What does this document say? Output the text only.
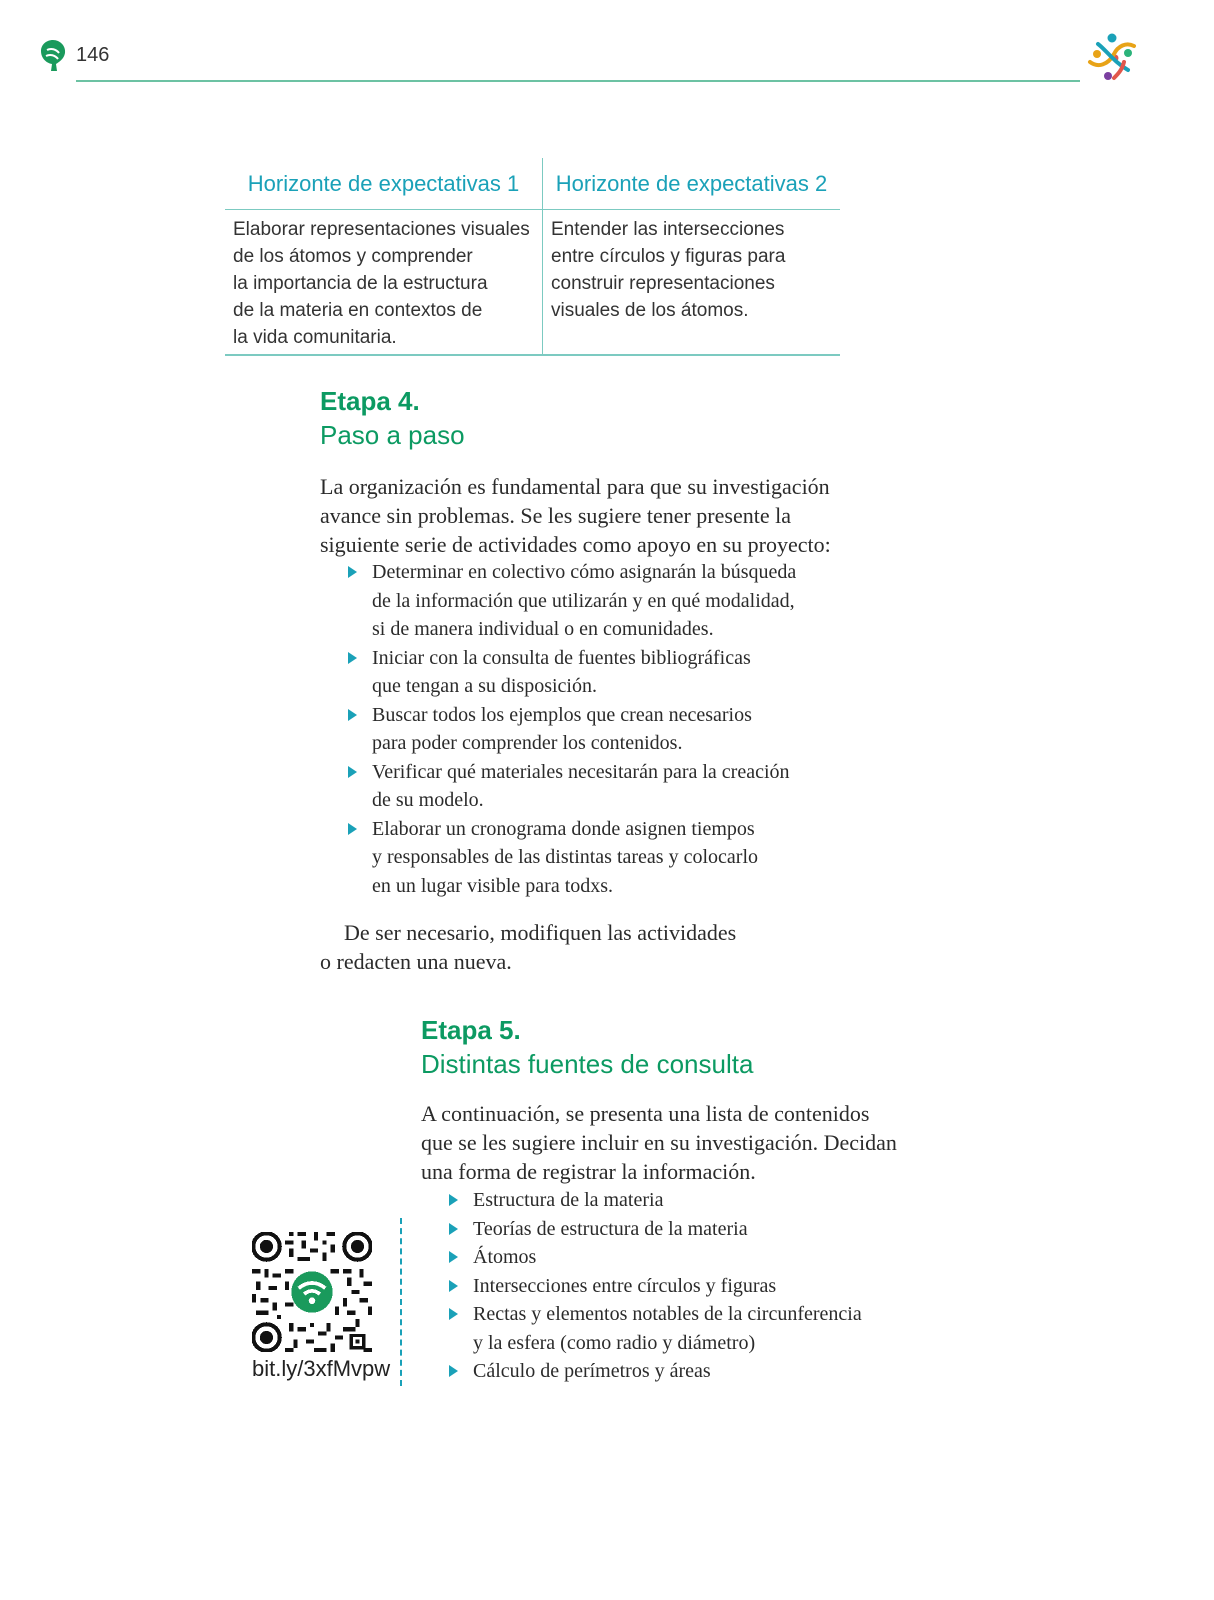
146
Horizonte de expectativas 1
Elaborar representaciones visuales
de los átomos y comprender
la importancia de la estructura
de la materia en contextos de
la vida comunitaria.
Horizonte de expectativas 2
Entender las intersecciones
entre círculos y figuras para
construir representaciones
visuales de los átomos.
Etapa 4.
Paso a paso
La organización es fundamental para que su investigación
avance sin problemas. Se les sugiere tener presente la
siguiente serie de actividades como apoyo en su proyecto:
Determinar en colectivo cómo asignarán la búsqueda
de la información que utilizarán y en qué modalidad,
si de manera individual o en comunidades.
Iniciar con la consulta de fuentes bibliográficas
que tengan a su disposición.
Buscar todos los ejemplos que crean necesarios
para poder comprender los contenidos.
Verificar qué materiales necesitarán para la creación
de su modelo.
Elaborar un cronograma donde asignen tiempos
y responsables de las distintas tareas y colocarlo
en un lugar visible para todxs.
De ser necesario, modifiquen las actividades
o redacten una nueva.
Etapa 5.
Distintas fuentes de consulta
A continuación, se presenta una lista de contenidos
que se les sugiere incluir en su investigación. Decidan
una forma de registrar la información.
Estructura de la materia
Teorías de estructura de la materia
Átomos
Intersecciones entre círculos y figuras
Rectas y elementos notables de la circunferencia
y la esfera (como radio y diámetro)
Cálculo de perímetros y áreas
bit.ly/3xfMvpw
